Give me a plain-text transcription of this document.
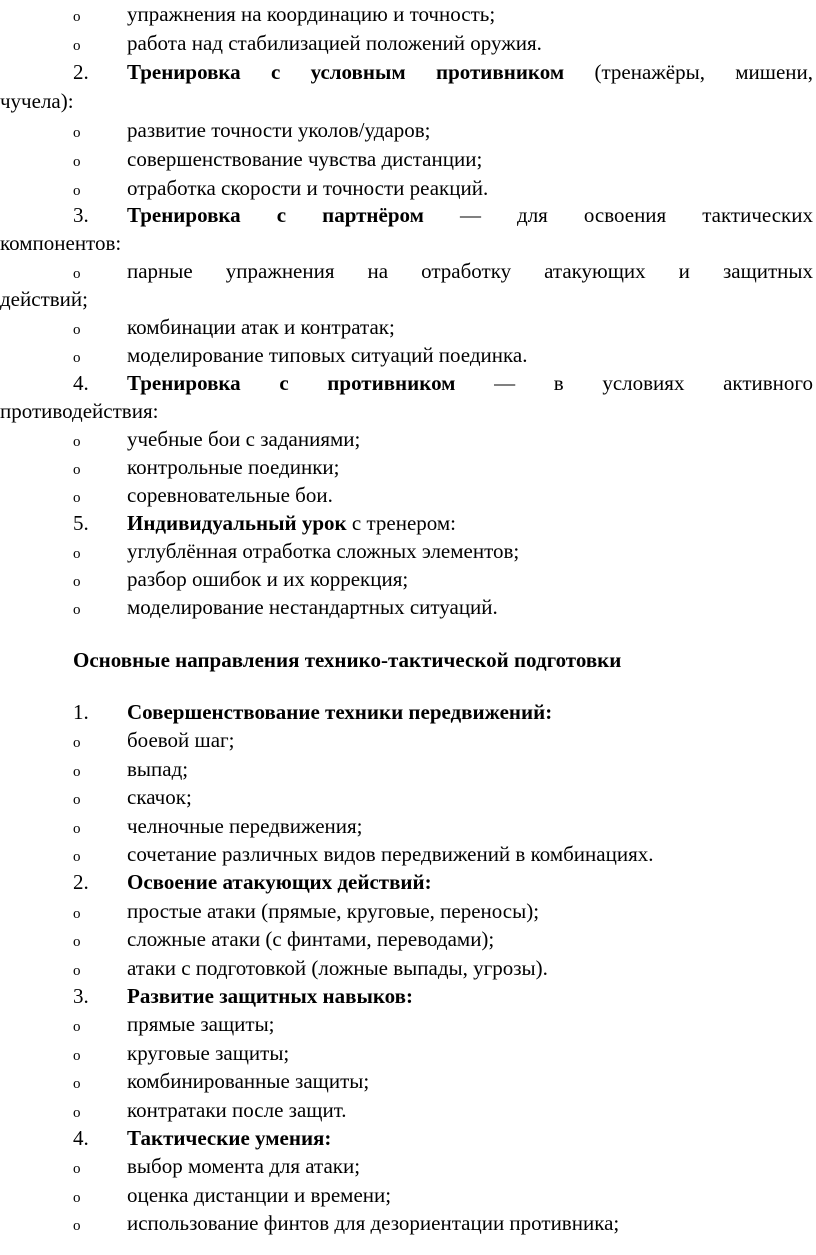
o упражнения на координацию и точность;
o работа над стабилизацией положений оружия.
2. Тренировка с условным противником (тренажёры, мишени,
чучела):
o развитие точности уколов/ударов;
o совершенствование чувства дистанции;
o отработка скорости и точности реакций.
3. Тренировка с партнёром — для освоения тактических
компонентов:
o парные упражнения на отработку атакующих и защитных
действий;
o комбинации атак и контратак;
o моделирование типовых ситуаций поединка.
4. Тренировка с противником — в условиях активного
противодействия:
o учебные бои с заданиями;
o контрольные поединки;
o соревновательные бои.
5. Индивидуальный урок с тренером:
o углублённая отработка сложных элементов;
o разбор ошибок и их коррекция;
o моделирование нестандартных ситуаций.
Основные направления технико-тактической подготовки
1. Совершенствование техники передвижений:
o боевой шаг;
o выпад;
o скачок;
o челночные передвижения;
o сочетание различных видов передвижений в комбинациях.
2. Освоение атакующих действий:
o простые атаки (прямые, круговые, переносы);
o сложные атаки (с финтами, переводами);
o атаки с подготовкой (ложные выпады, угрозы).
3. Развитие защитных навыков:
o прямые защиты;
o круговые защиты;
o комбинированные защиты;
o контратаки после защит.
4. Тактические умения:
o выбор момента для атаки;
o оценка дистанции и времени;
o использование финтов для дезориентации противника;
